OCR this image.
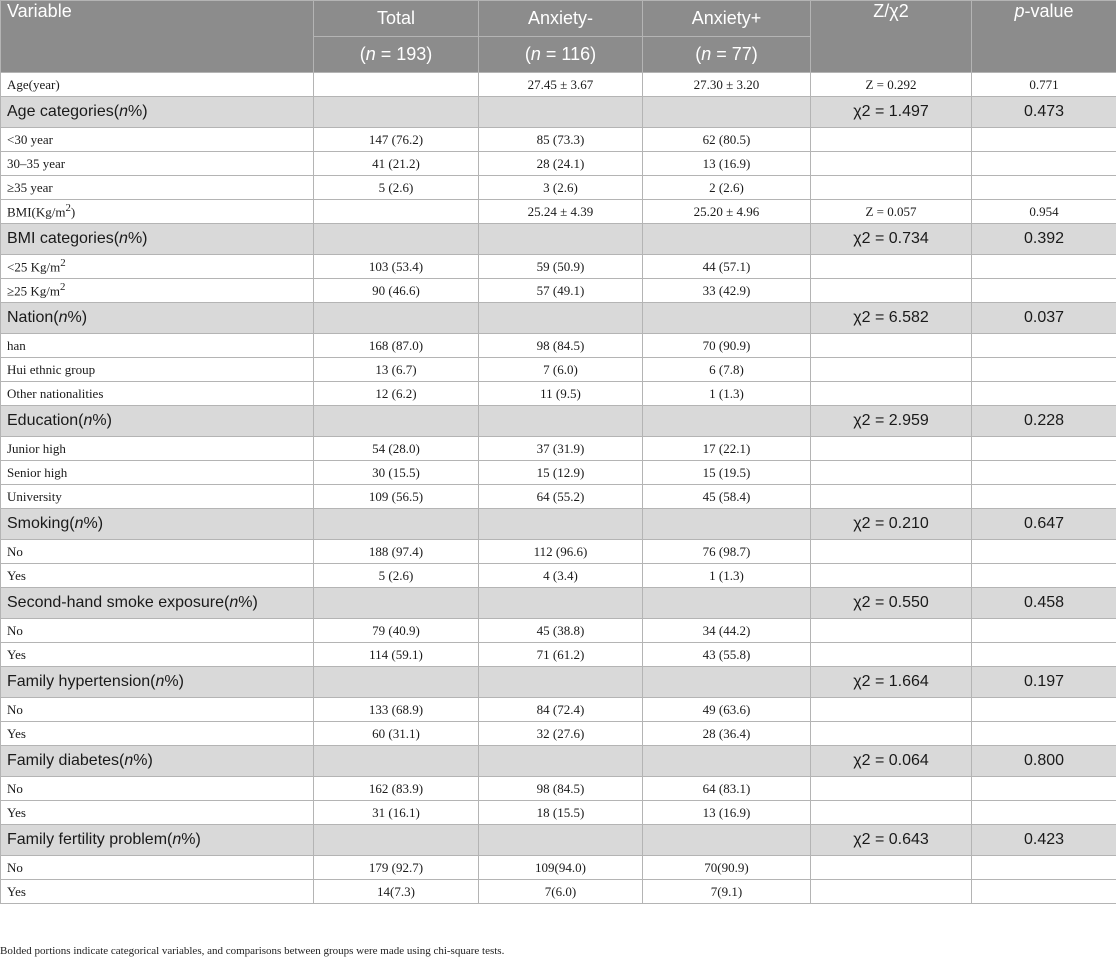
Variable	Total	Anxiety-	Anxiety+	Z/χ2	p-value
	(n = 193)	(n = 116)	(n = 77)		
Age(year)		27.45 ± 3.67	27.30 ± 3.20	Z = 0.292	0.771
Age categories(n%)				χ2 = 1.497	0.473
<30 year	147 (76.2)	85 (73.3)	62 (80.5)		
30–35 year	41 (21.2)	28 (24.1)	13 (16.9)		
≥35 year	5 (2.6)	3 (2.6)	2 (2.6)		
$BMI(Kg/m^2)$		25.24 ± 4.39	25.20 ± 4.96	Z = 0.057	0.954
BMI categories(n%)				χ2 = 0.734	0.392
<25 $Kg/m^2$	103 (53.4)	59 (50.9)	44 (57.1)		
≥25 $Kg/m^2$	90 (46.6)	57 (49.1)	33 (42.9)		
Nation(n%)				χ2 = 6.582	0.037
han	168 (87.0)	98 (84.5)	70 (90.9)		
Hui ethnic group	13 (6.7)	7 (6.0)	6 (7.8)		
Other nationalities	12 (6.2)	11 (9.5)	1 (1.3)		
Education(n%)				χ2 = 2.959	0.228
Junior high	54 (28.0)	37 (31.9)	17 (22.1)		
Senior high	30 (15.5)	15 (12.9)	15 (19.5)		
University	109 (56.5)	64 (55.2)	45 (58.4)		
Smoking(n%)				χ2 = 0.210	0.647
No	188 (97.4)	112 (96.6)	76 (98.7)		
Yes	5 (2.6)	4 (3.4)	1 (1.3)		
Second-hand smoke exposure(n%)				χ2 = 0.550	0.458
No	79 (40.9)	45 (38.8)	34 (44.2)		
Yes	114 (59.1)	71 (61.2)	43 (55.8)		
Family hypertension(n%)				χ2 = 1.664	0.197
No	133 (68.9)	84 (72.4)	49 (63.6)		
Yes	60 (31.1)	32 (27.6)	28 (36.4)		
Family diabetes(n%)				χ2 = 0.064	0.800
No	162 (83.9)	98 (84.5)	64 (83.1)		
Yes	31 (16.1)	18 (15.5)	13 (16.9)		
Family fertility problem(n%)				χ2 = 0.643	0.423
No	179 (92.7)	109(94.0)	70(90.9)		
Yes	14(7.3)	7(6.0)	7(9.1)		
Bolded portions indicate categorical variables, and comparisons between groups were made using chi-square tests.
